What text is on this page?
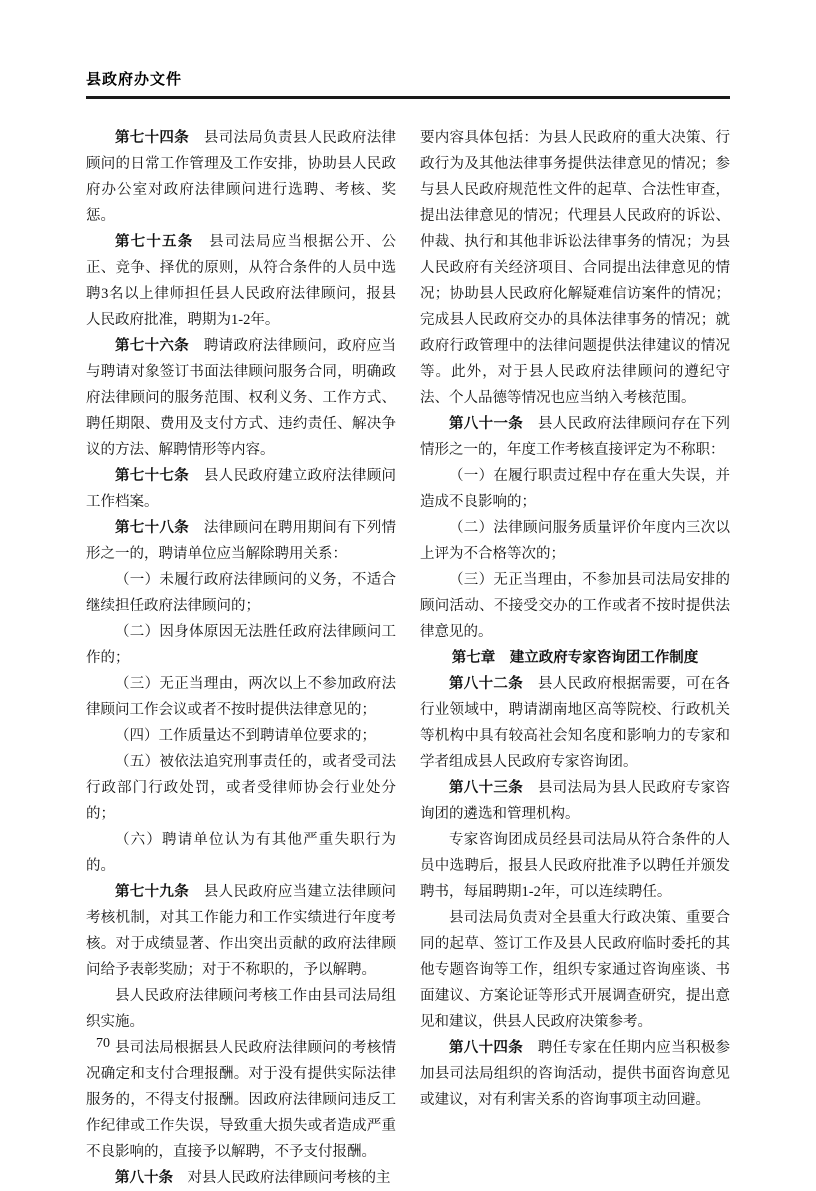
县政府办文件

第七十四条　县司法局负责县人民政府法律顾问的日常工作管理及工作安排，协助县人民政府办公室对政府法律顾问进行选聘、考核、奖惩。

第七十五条　县司法局应当根据公开、公正、竞争、择优的原则，从符合条件的人员中选聘3名以上律师担任县人民政府法律顾问，报县人民政府批准，聘期为1-2年。

第七十六条　聘请政府法律顾问，政府应当与聘请对象签订书面法律顾问服务合同，明确政府法律顾问的服务范围、权利义务、工作方式、聘任期限、费用及支付方式、违约责任、解决争议的方法、解聘情形等内容。

第七十七条　县人民政府建立政府法律顾问工作档案。

第七十八条　法律顾问在聘用期间有下列情形之一的，聘请单位应当解除聘用关系：

（一）未履行政府法律顾问的义务，不适合继续担任政府法律顾问的；

（二）因身体原因无法胜任政府法律顾问工作的；

（三）无正当理由，两次以上不参加政府法律顾问工作会议或者不按时提供法律意见的；

（四）工作质量达不到聘请单位要求的；

（五）被依法追究刑事责任的，或者受司法行政部门行政处罚，或者受律师协会行业处分的；

（六）聘请单位认为有其他严重失职行为的。

第七十九条　县人民政府应当建立法律顾问考核机制，对其工作能力和工作实绩进行年度考核。对于成绩显著、作出突出贡献的政府法律顾问给予表彰奖励；对于不称职的，予以解聘。

县人民政府法律顾问考核工作由县司法局组织实施。

县司法局根据县人民政府法律顾问的考核情况确定和支付合理报酬。对于没有提供实际法律服务的，不得支付报酬。因政府法律顾问违反工作纪律或工作失误，导致重大损失或者造成严重不良影响的，直接予以解聘，不予支付报酬。

第八十条　对县人民政府法律顾问考核的主

要内容具体包括：为县人民政府的重大决策、行政行为及其他法律事务提供法律意见的情况；参与县人民政府规范性文件的起草、合法性审查，提出法律意见的情况；代理县人民政府的诉讼、仲裁、执行和其他非诉讼法律事务的情况；为县人民政府有关经济项目、合同提出法律意见的情况；协助县人民政府化解疑难信访案件的情况；完成县人民政府交办的具体法律事务的情况；就政府行政管理中的法律问题提供法律建议的情况等。此外，对于县人民政府法律顾问的遵纪守法、个人品德等情况也应当纳入考核范围。

第八十一条　县人民政府法律顾问存在下列情形之一的，年度工作考核直接评定为不称职：

（一）在履行职责过程中存在重大失误，并造成不良影响的；

（二）法律顾问服务质量评价年度内三次以上评为不合格等次的；

（三）无正当理由，不参加县司法局安排的顾问活动、不接受交办的工作或者不按时提供法律意见的。

第七章　建立政府专家咨询团工作制度

第八十二条　县人民政府根据需要，可在各行业领域中，聘请湖南地区高等院校、行政机关等机构中具有较高社会知名度和影响力的专家和学者组成县人民政府专家咨询团。

第八十三条　县司法局为县人民政府专家咨询团的遴选和管理机构。

专家咨询团成员经县司法局从符合条件的人员中选聘后，报县人民政府批准予以聘任并颁发聘书，每届聘期1-2年，可以连续聘任。

县司法局负责对全县重大行政决策、重要合同的起草、签订工作及县人民政府临时委托的其他专题咨询等工作，组织专家通过咨询座谈、书面建议、方案论证等形式开展调查研究，提出意见和建议，供县人民政府决策参考。

第八十四条　聘任专家在任期内应当积极参加县司法局组织的咨询活动，提供书面咨询意见或建议，对有利害关系的咨询事项主动回避。

70
